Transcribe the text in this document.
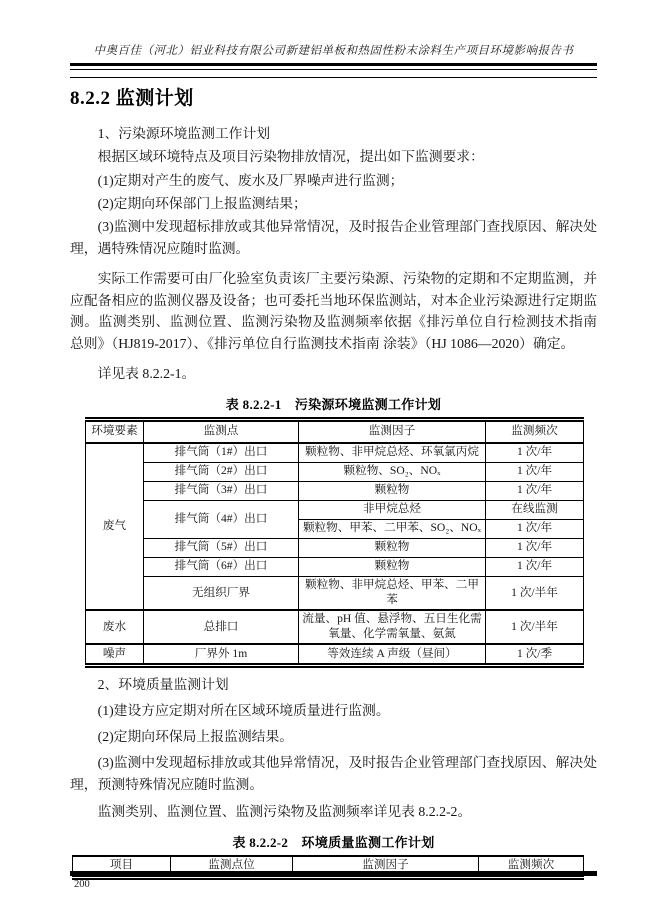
中奥百佳（河北）铝业科技有限公司新建铝单板和热固性粉末涂料生产项目环境影响报告书
8.2.2 监测计划

1、污染源环境监测工作计划

根据区域环境特点及项目污染物排放情况，提出如下监测要求：

(1)定期对产生的废气、废水及厂界噪声进行监测；

(2)定期向环保部门上报监测结果；

(3)监测中发现超标排放或其他异常情况，及时报告企业管理部门查找原因、解决处理，遇特殊情况应随时监测。

实际工作需要可由厂化验室负责该厂主要污染源、污染物的定期和不定期监测，并应配备相应的监测仪器及设备；也可委托当地环保监测站，对本企业污染源进行定期监测。监测类别、监测位置、监测污染物及监测频率依据《排污单位自行检测技术指南 总则》（HJ819-2017）、《排污单位自行监测技术指南 涂装》（HJ 1086—2020）确定。

详见表 8.2.2-1。

表 8.2.2-1　污染源环境监测工作计划
环境要素	监测点	监测因子	监测频次
废气	排气筒（1#）出口	颗粒物、非甲烷总烃、环氧氯丙烷	1 次/年
	排气筒（2#）出口	颗粒物、SO₂、NOₓ	1 次/年
	排气筒（3#）出口	颗粒物	1 次/年
	排气筒（4#）出口	非甲烷总烃	在线监测
		颗粒物、甲苯、二甲苯、SO₂、NOₓ	1 次/年
	排气筒（5#）出口	颗粒物	1 次/年
	排气筒（6#）出口	颗粒物	1 次/年
	无组织厂界	颗粒物、非甲烷总烃、甲苯、二甲苯	1 次/半年
废水	总排口	流量、pH 值、悬浮物、五日生化需氧量、化学需氧量、氨氮	1 次/半年
噪声	厂界外 1m	等效连续 A 声级（昼间）	1 次/季

2、环境质量监测计划

(1)建设方应定期对所在区域环境质量进行监测。

(2)定期向环保局上报监测结果。

(3)监测中发现超标排放或其他异常情况，及时报告企业管理部门查找原因、解决处理，预测特殊情况应随时监测。

监测类别、监测位置、监测污染物及监测频率详见表 8.2.2-2。

表 8.2.2-2　环境质量监测工作计划
项目	监测点位	监测因子	监测频次
200
